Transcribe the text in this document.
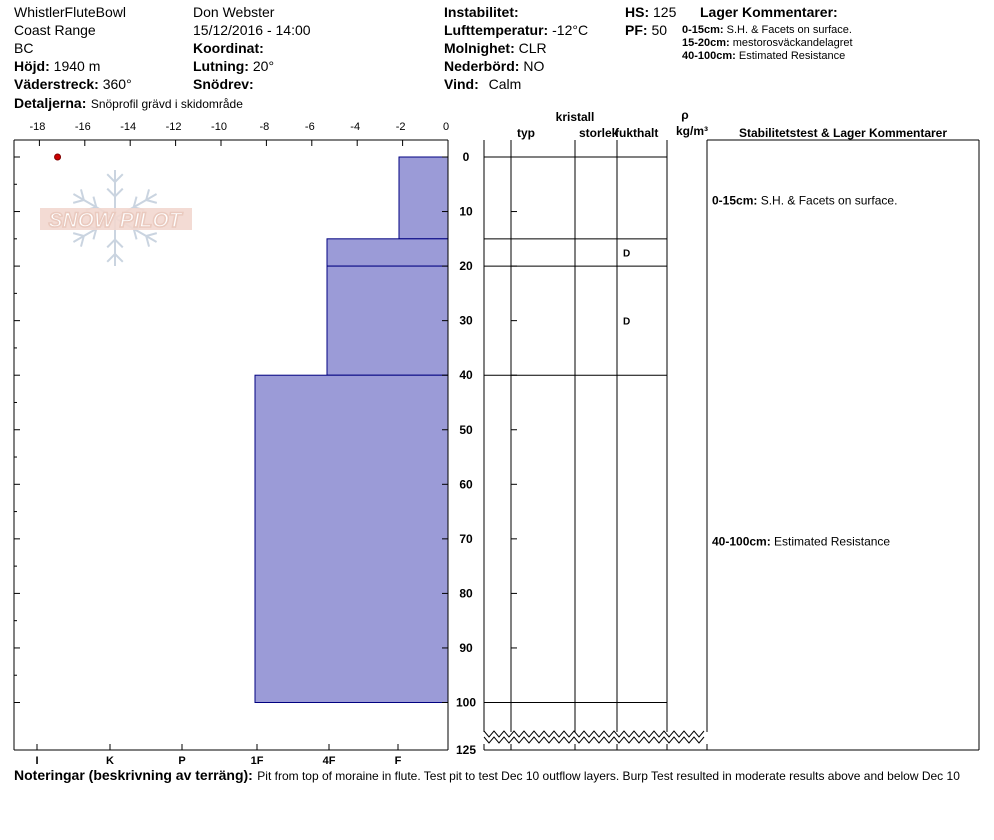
WhistlerFluteBowl
Coast Range
BC
Höjd: 1940 m
Väderstreck: 360°
Detaljerna: Snöprofil grävd i skidområde
Don Webster
15/12/2016 - 14:00
Koordinat:
Lutning: 20°
Snödrev:
Instabilitet:
Lufttemperatur: -12°C
Molnighet: CLR
Nederbörd: NO
Vind: Calm
HS: 125
PF: 50
Lager Kommentarer:
0-15cm: S.H. & Facets on surface.
15-20cm: mestorosväckandelagret
40-100cm: Estimated Resistance
SNOW PILOT
-18	-16	-14	-12	-10	-8	-6	-4	-2	0
I	K	P	1F	4F	F
0
10
20
30
40
50
60
70
80
90
100
125
kristall
typ	storlek
fukthalt
ρ
kg/m³	Stabilitetstest & Lager Kommentarer
D
D
0-15cm: S.H. & Facets on surface.
40-100cm: Estimated Resistance
Noteringar (beskrivning av terräng): Pit from top of moraine in flute. Test pit to test Dec 10 outflow layers. Burp Test resulted in moderate results above and below Dec 10
